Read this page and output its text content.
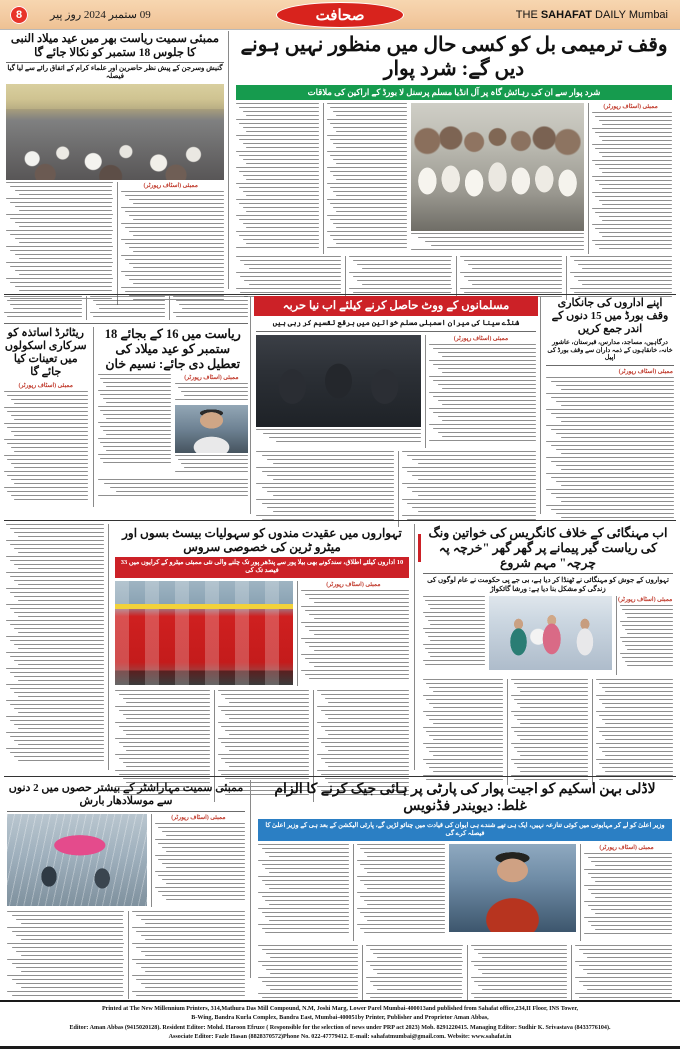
8	09 ستمبر 2024 روز پیر	صحافت	THE SAHAFAT DAILY Mumbai
ممبئی سمیت ریاست بھر میں عید میلاد النبی کا جلوس 18 ستمبر کو نکالا جائے گا
گنیش وسرجن کے پیش نظر حاضرین اور علماء کرام کے اتفاق رائے سے لیا گیا فیصلہ
ممبئی (اسٹاف رپورٹر)
وقف ترمیمی بل کو کسی حال میں منظور نہیں ہونے دیں گے: شرد پوار
شرد پوار سے ان کی رہائش گاہ پر آل انڈیا مسلم پرسنل لا بورڈ کے اراکین کی ملاقات
ممبئی (اسٹاف رپورٹر)
ریٹائرڈ اساتذہ کو سرکاری اسکولوں میں تعینات کیا جائے گا
ممبئی (اسٹاف رپورٹر)
ریاست میں 16 کے بجائے 18 ستمبر کو عید میلاد کی تعطیل دی جائے: نسیم خان
ممبئی (اسٹاف رپورٹر)
مسلمانوں کے ووٹ حاصل کرنے کیلئے اب نیا حربہ
شنڈے سینا کی میران اسمبلی مسلم خواتین میں برقع تقسیم کر رہی ہیں
ممبئی (اسٹاف رپورٹر)
اپنے اداروں کی جانکاری وقف بورڈ میں 15 دنوں کے اندر جمع کریں
درگاہیں، مساجد، مدارس، قبرستان، عاشور خانہ، خانقاہوں کے ذمہ داران سے وقف بورڈ کی اپیل
ممبئی (اسٹاف رپورٹر)
تہواروں میں عقیدت مندوں کو سہولیات بیسٹ بسوں اور میٹرو ٹرین کی خصوصی سروس
10 اداروں کیلئے اطلاق، سندکونے بھی بیلا پور سے پنڈھر پور تک چلنے والی نئی ممبئی میٹرو کے کرایوں میں 33 فیصد تک کی
ممبئی (اسٹاف رپورٹر)
اب مہنگائی کے خلاف کانگریس کی خواتین ونگ کی ریاست گیر پیمانے پر گھر گھر "خرچہ پہ چرچہ" مہم شروع
تہواروں کے جوش کو مہنگائی نے ٹھنڈا کر دیا ہے، بی جے پی حکومت نے عام لوگوں کی زندگی کو مشکل بنا دیا ہے: ورشا گائکواڑ
ممبئی (اسٹاف رپورٹر)
ممبئی سمیت مہاراشٹر کے بیشتر حصوں میں 2 دنوں سے موسلادھار بارش
ممبئی (اسٹاف رپورٹر)
لاڈلی بہن اسکیم کو اجیت پوار کی پارٹی پر ہائی جیک کرنے کا الزام غلط: دیویندر فڈنویس
وزیر اعلیٰ کو لے کر مہایوتی میں کوئی تنازعہ نہیں، ایک ہی تھے شندے ہی ایوان کی قیادت میں چنائو لڑیں گے، پارٹی الیکشن کے بعد ہی کے وزیر اعلیٰ کا فیصلہ کرے گی
ممبئی (اسٹاف رپورٹر)

Printed at The New Millennium Printers, 314,Mathura Das Mill Compound, N.M, Joshi Marg, Lower Parel Mumbai-400013and published from Sahafat office,234,II Floor, INS Tower,

B-Wing, Bandra Kurla Complex, Bandra East, Mumbai-400051by Printer, Publisher and Proprietor Aman Abbas,

Editor: Aman Abbas (9415020128). Resident Editor: Mohd. Haroon Efruze ( Responsible for the selection of news under PRP act 2023) Mob. 8291220415. Managing Editor: Sudhir K. Srivastava (8433776104).

Associate Editor: Fazle Hasan (8828370572)Phone No. 022-47779412. E-mail: sahafatmumbai@gmail.com. Website: www.sahafat.in
